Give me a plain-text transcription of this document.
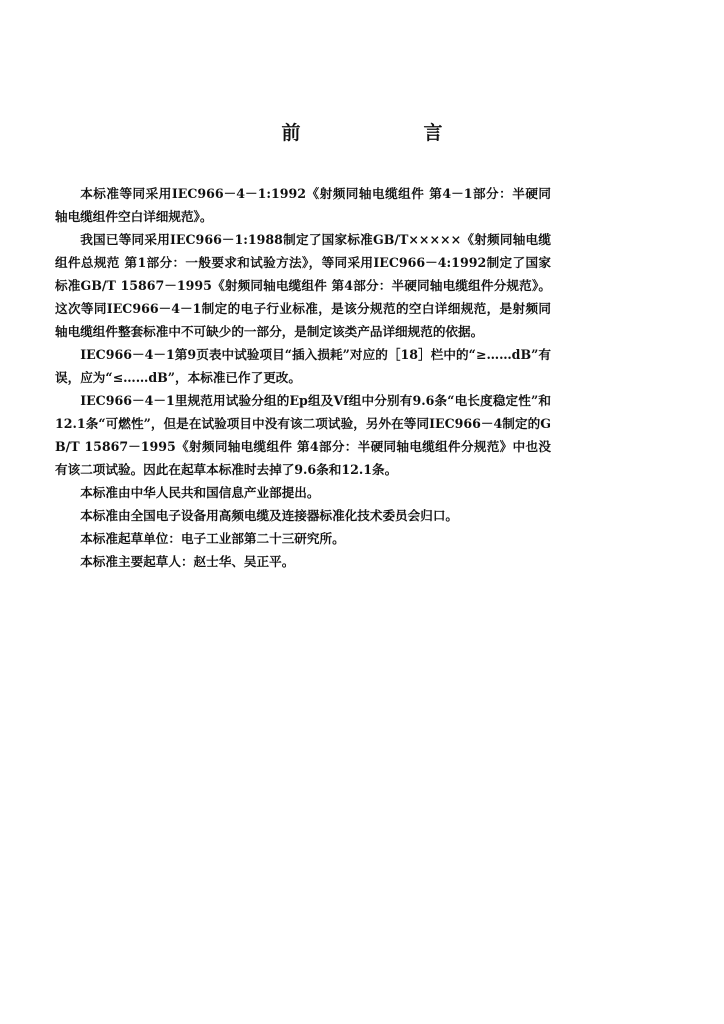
前　言

本标准等同采用IEC966－4－1:1992《射频同轴电缆组件 第4－1部分：半硬同轴电缆组件空白详细规范》。

我国已等同采用IEC966－1:1988制定了国家标准GB/T×××××《射频同轴电缆组件总规范 第1部分：一般要求和试验方法》，等同采用IEC966－4:1992制定了国家标准GB/T 15867－1995《射频同轴电缆组件 第4部分：半硬同轴电缆组件分规范》。这次等同IEC966－4－1制定的电子行业标准，是该分规范的空白详细规范，是射频同轴电缆组件整套标准中不可缺少的一部分，是制定该类产品详细规范的依据。

IEC966－4－1第9页表中试验项目“插入损耗”对应的［18］栏中的“≥……dB”有误，应为“≤……dB”，本标准已作了更改。

IEC966－4－1里规范用试验分组的Ep组及Vf组中分别有9.6条“电长度稳定性”和12.1条“可燃性”，但是在试验项目中没有该二项试验，另外在等同IEC966－4制定的GB/T 15867－1995《射频同轴电缆组件 第4部分：半硬同轴电缆组件分规范》中也没有该二项试验。因此在起草本标准时去掉了9.6条和12.1条。

本标准由中华人民共和国信息产业部提出。

本标准由全国电子设备用高频电缆及连接器标准化技术委员会归口。

本标准起草单位：电子工业部第二十三研究所。

本标准主要起草人：赵士华、吴正平。
